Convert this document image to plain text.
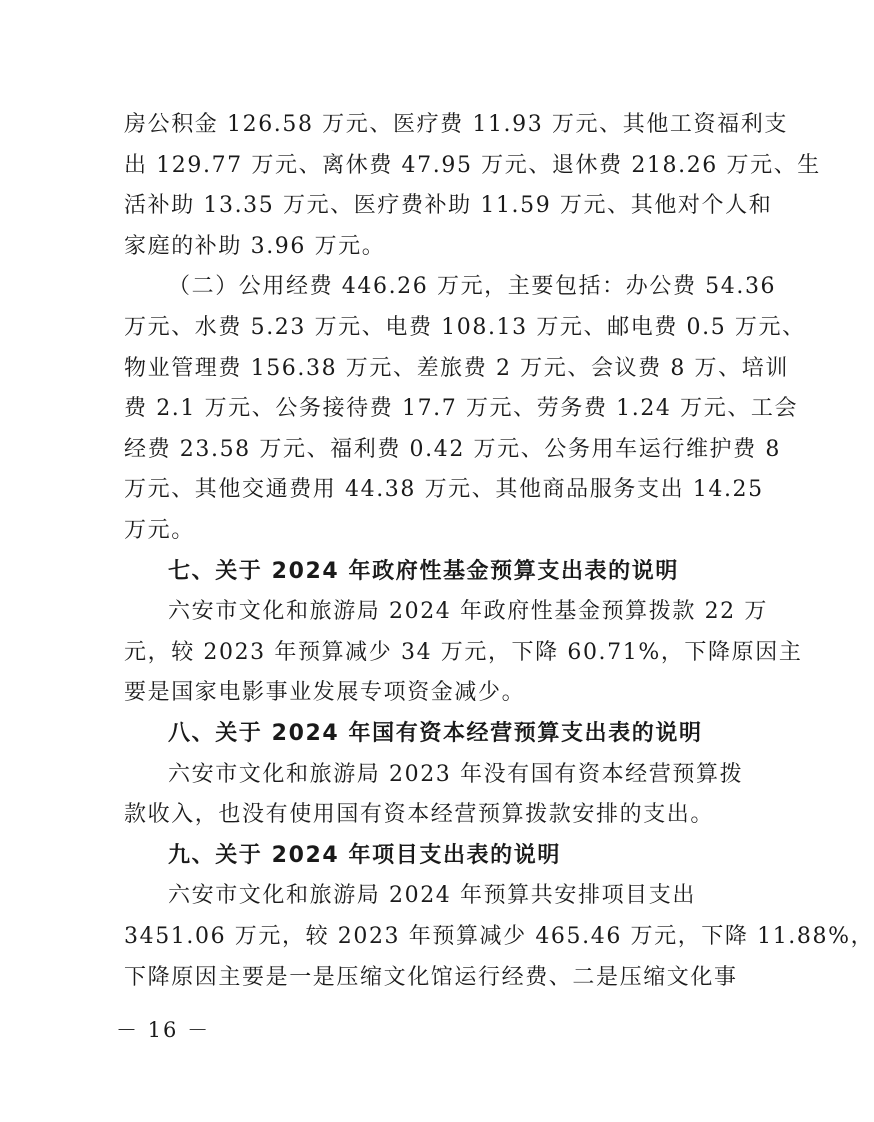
房公积金 126.58 万元、医疗费 11.93 万元、其他工资福利支
出 129.77 万元、离休费 47.95 万元、退休费 218.26 万元、生
活补助 13.35 万元、医疗费补助 11.59 万元、其他对个人和
家庭的补助 3.96 万元。
（二）公用经费 446.26 万元，主要包括：办公费 54.36
万元、水费 5.23 万元、电费 108.13 万元、邮电费 0.5 万元、
物业管理费 156.38 万元、差旅费 2 万元、会议费 8 万、培训
费 2.1 万元、公务接待费 17.7 万元、劳务费 1.24 万元、工会
经费 23.58 万元、福利费 0.42 万元、公务用车运行维护费 8
万元、其他交通费用 44.38 万元、其他商品服务支出 14.25
万元。
七、关于 2024 年政府性基金预算支出表的说明
六安市文化和旅游局 2024 年政府性基金预算拨款 22 万
元，较 2023 年预算减少 34 万元，下降 60.71%，下降原因主
要是国家电影事业发展专项资金减少。
八、关于 2024 年国有资本经营预算支出表的说明
六安市文化和旅游局 2023 年没有国有资本经营预算拨
款收入，也没有使用国有资本经营预算拨款安排的支出。
九、关于 2024 年项目支出表的说明
六安市文化和旅游局 2024 年预算共安排项目支出
3451.06 万元，较 2023 年预算减少 465.46 万元，下降 11.88%，
下降原因主要是一是压缩文化馆运行经费、二是压缩文化事
－ 16 －
